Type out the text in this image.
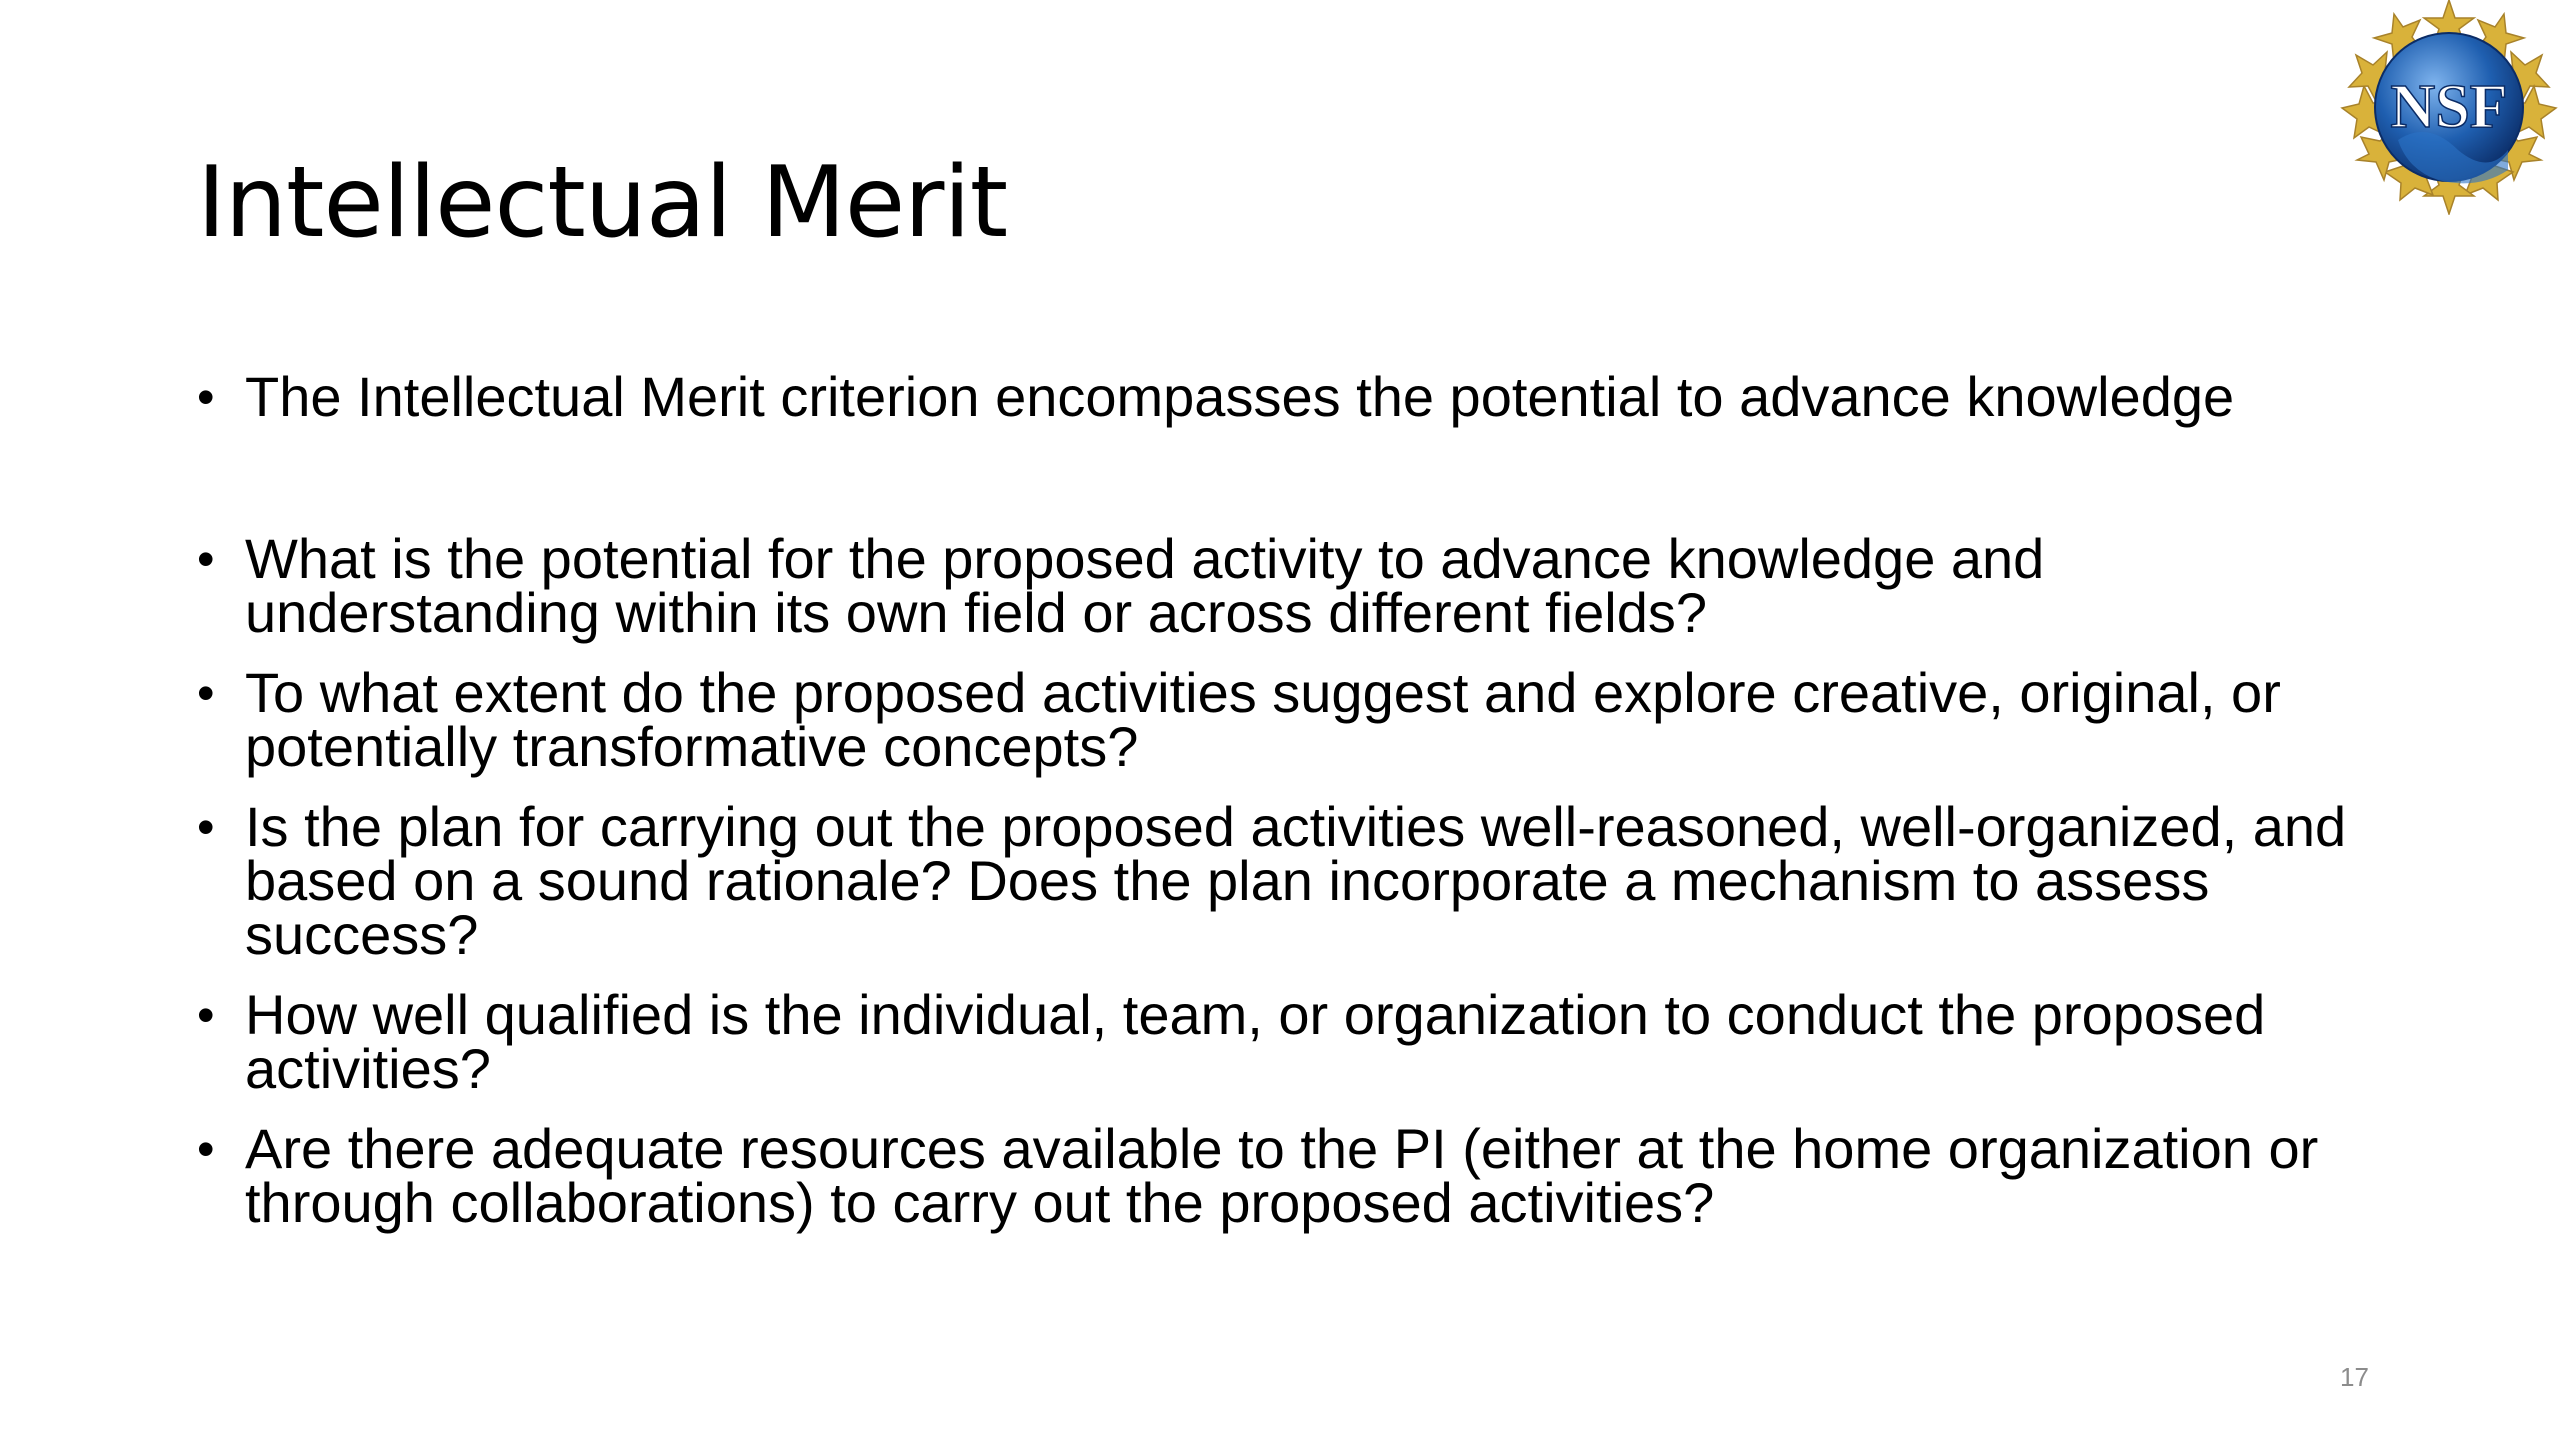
Intellectual Merit
NSF
• The Intellectual Merit criterion encompasses the potential to advance knowledge
• What is the potential for the proposed activity to advance knowledge and understanding within its own field or across different fields?
• To what extent do the proposed activities suggest and explore creative, original, or potentially transformative concepts?
• Is the plan for carrying out the proposed activities well-reasoned, well-organized, and based on a sound rationale? Does the plan incorporate a mechanism to assess success?
• How well qualified is the individual, team, or organization to conduct the proposed activities?
• Are there adequate resources available to the PI (either at the home organization or through collaborations) to carry out the proposed activities?
17
